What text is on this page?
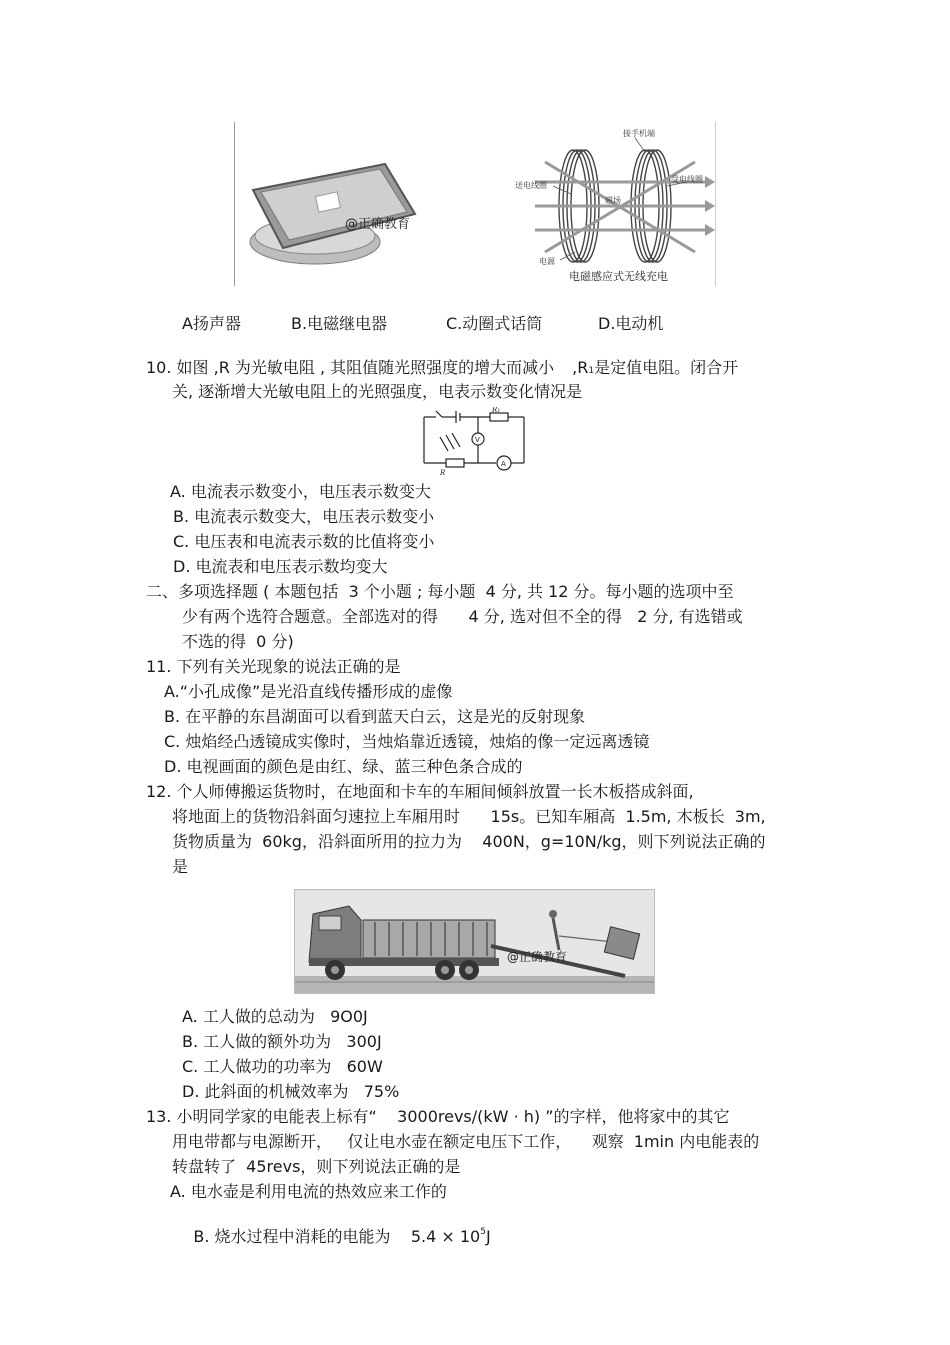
@正确教育
接手机端
送电线圈
受电线圈
磁场
电源
电磁感应式无线充电
A扬声器	B.电磁继电器	C.动圈式话筒	D.电动机
10. 如图 ,R 为光敏电阻 , 其阻值随光照强度的增大而减小 ,R1是定值电阻。闭合开
关, 逐渐增大光敏电阻上的光照强度，电表示数变化情况是
R1
V
A
R
A. 电流表示数变小，电压表示数变大
B. 电流表示数变大，电压表示数变小
C. 电压表和电流表示数的比值将变小
D. 电流表和电压表示数均变大
二、多项选择题 ( 本题包括  3 个小题 ; 每小题  4 分, 共 12 分。每小题的选项中至
少有两个选符合题意。全部选对的得      4 分, 选对但不全的得   2 分, 有选错或
不选的得  0 分)
11. 下列有关光现象的说法正确的是
A.“小孔成像”是光沿直线传播形成的虚像
B. 在平静的东昌湖面可以看到蓝天白云，这是光的反射现象
C. 烛焰经凸透镜成实像时，当烛焰靠近透镜，烛焰的像一定远离透镜
D. 电视画面的颜色是由红、绿、蓝三种色条合成的
12. 个人师傅搬运货物时，在地面和卡车的车厢间倾斜放置一长木板搭成斜面,
将地面上的货物沿斜面匀速拉上车厢用时      15s。已知车厢高  1.5m, 木板长  3m,
货物质量为  60kg，沿斜面所用的拉力为    400N，g=10N/kg，则下列说法正确的
是
@正确教育
A. 工人做的总动为   9O0J
B. 工人做的额外功为   300J
C. 工人做功的功率为   60W
D. 此斜面的机械效率为   75%
13. 小明同学家的电能表上标有“    3000revs/(kW · h) ”的字样，他将家中的其它
用电带都与电源断开，   仅让电水壶在额定电压下工作，    观察  1min 内电能表的
转盘转了  45revs，则下列说法正确的是
A. 电水壶是利用电流的热效应来工作的

B. 烧水过程中消耗的电能为    $5.4 \times 10^5J$
